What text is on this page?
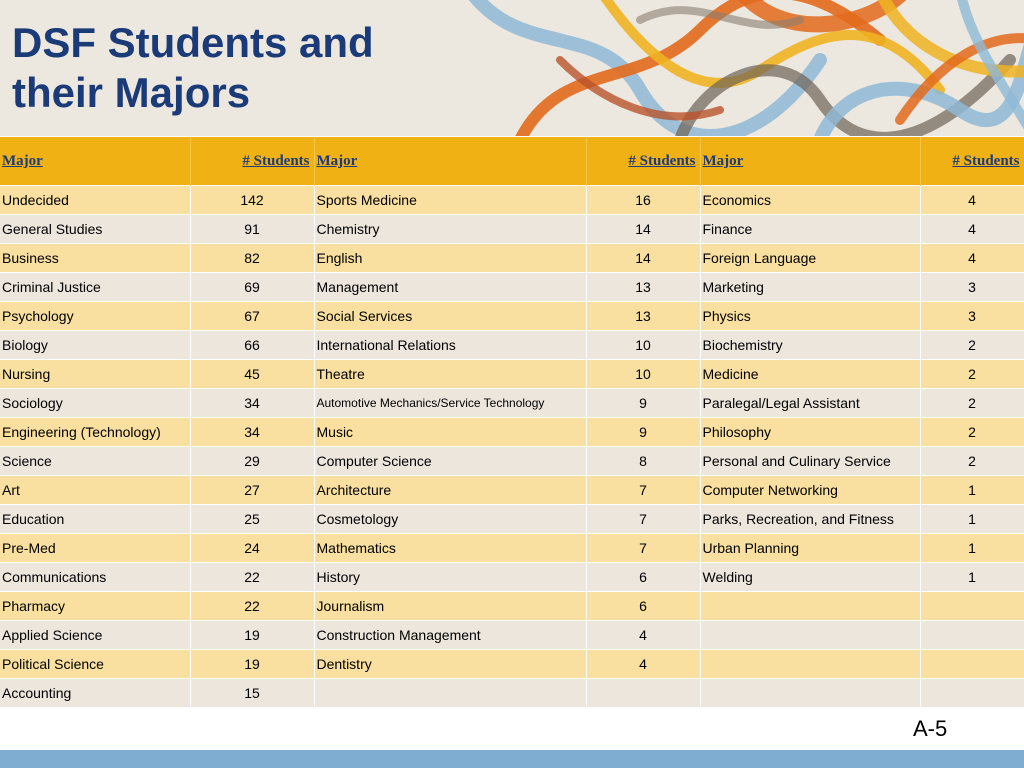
DSF Students and
their Majors
Major	# Students	Major	# Students	Major	# Students
Undecided	142	Sports Medicine	16	Economics	4
General Studies	91	Chemistry	14	Finance	4
Business	82	English	14	Foreign Language	4
Criminal Justice	69	Management	13	Marketing	3
Psychology	67	Social Services	13	Physics	3
Biology	66	International Relations	10	Biochemistry	2
Nursing	45	Theatre	10	Medicine	2
Sociology	34	Automotive Mechanics/Service Technology	9	Paralegal/Legal Assistant	2
Engineering (Technology)	34	Music	9	Philosophy	2
Science	29	Computer Science	8	Personal and Culinary Service	2
Art	27	Architecture	7	Computer Networking	1
Education	25	Cosmetology	7	Parks, Recreation, and Fitness	1
Pre-Med	24	Mathematics	7	Urban Planning	1
Communications	22	History	6	Welding	1
Pharmacy	22	Journalism	6		
Applied Science	19	Construction Management	4		
Political Science	19	Dentistry	4		
Accounting	15				
A-5
